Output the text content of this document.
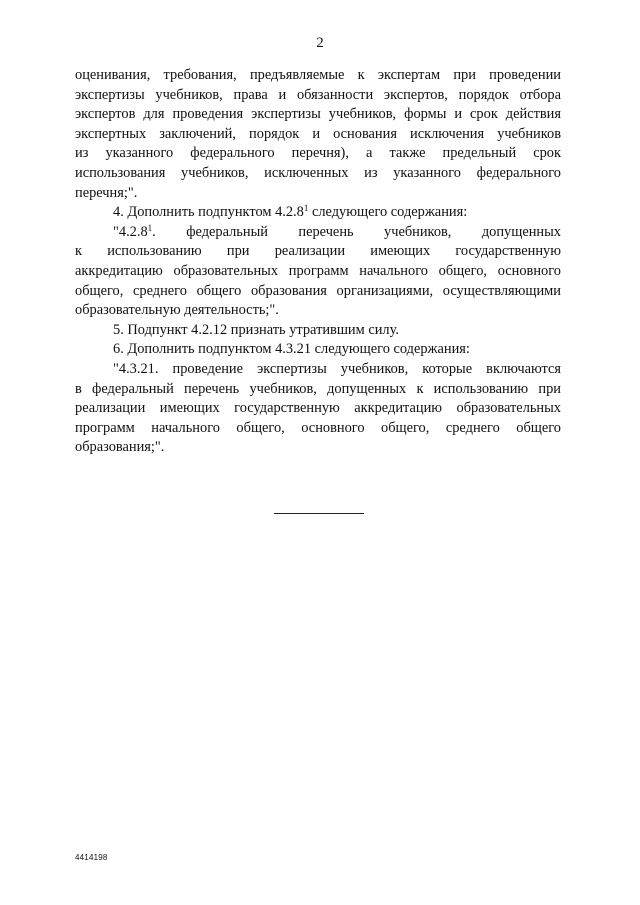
2

оценивания, требования, предъявляемые к экспертам при проведении
экспертизы учебников, права и обязанности экспертов, порядок отбора
экспертов для проведения экспертизы учебников, формы и срок действия
экспертных заключений, порядок и основания исключения учебников
из указанного федерального перечня), а также предельный срок
использования учебников, исключенных из указанного федерального
перечня;".

4. Дополнить подпунктом 4.2.8$^1$ следующего содержания:

"4.2.8$^1$. федеральный перечень учебников, допущенных
к использованию при реализации имеющих государственную
аккредитацию образовательных программ начального общего, основного
общего, среднего общего образования организациями, осуществляющими
образовательную деятельность;".

5. Подпункт 4.2.12 признать утратившим силу.

6. Дополнить подпунктом 4.3.21 следующего содержания:

"4.3.21. проведение экспертизы учебников, которые включаются
в федеральный перечень учебников, допущенных к использованию при
реализации имеющих государственную аккредитацию образовательных
программ начального общего, основного общего, среднего общего
образования;".

4414198
